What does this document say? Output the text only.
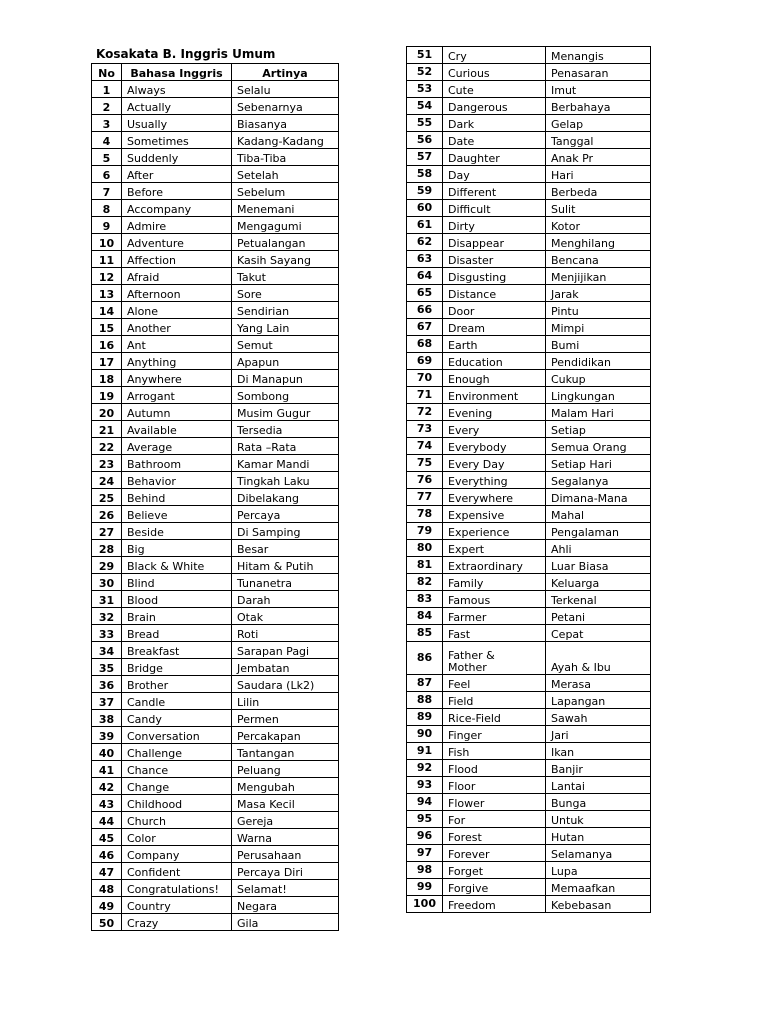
Kosakata B. Inggris Umum
No	Bahasa Inggris	Artinya
1	Always	Selalu
2	Actually	Sebenarnya
3	Usually	Biasanya
4	Sometimes	Kadang-Kadang
5	Suddenly	Tiba-Tiba
6	After	Setelah
7	Before	Sebelum
8	Accompany	Menemani
9	Admire	Mengagumi
10	Adventure	Petualangan
11	Affection	Kasih Sayang
12	Afraid	Takut
13	Afternoon	Sore
14	Alone	Sendirian
15	Another	Yang Lain
16	Ant	Semut
17	Anything	Apapun
18	Anywhere	Di Manapun
19	Arrogant	Sombong
20	Autumn	Musim Gugur
21	Available	Tersedia
22	Average	Rata –Rata
23	Bathroom	Kamar Mandi
24	Behavior	Tingkah Laku
25	Behind	Dibelakang
26	Believe	Percaya
27	Beside	Di Samping
28	Big	Besar
29	Black & White	Hitam & Putih
30	Blind	Tunanetra
31	Blood	Darah
32	Brain	Otak
33	Bread	Roti
34	Breakfast	Sarapan Pagi
35	Bridge	Jembatan
36	Brother	Saudara (Lk2)
37	Candle	Lilin
38	Candy	Permen
39	Conversation	Percakapan
40	Challenge	Tantangan
41	Chance	Peluang
42	Change	Mengubah
43	Childhood	Masa Kecil
44	Church	Gereja
45	Color	Warna
46	Company	Perusahaan
47	Confident	Percaya Diri
48	Congratulations!	Selamat!
49	Country	Negara
50	Crazy	Gila
51	Cry	Menangis
52	Curious	Penasaran
53	Cute	Imut
54	Dangerous	Berbahaya
55	Dark	Gelap
56	Date	Tanggal
57	Daughter	Anak Pr
58	Day	Hari
59	Different	Berbeda
60	Difficult	Sulit
61	Dirty	Kotor
62	Disappear	Menghilang
63	Disaster	Bencana
64	Disgusting	Menjijikan
65	Distance	Jarak
66	Door	Pintu
67	Dream	Mimpi
68	Earth	Bumi
69	Education	Pendidikan
70	Enough	Cukup
71	Environment	Lingkungan
72	Evening	Malam Hari
73	Every	Setiap
74	Everybody	Semua Orang
75	Every Day	Setiap Hari
76	Everything	Segalanya
77	Everywhere	Dimana-Mana
78	Expensive	Mahal
79	Experience	Pengalaman
80	Expert	Ahli
81	Extraordinary	Luar Biasa
82	Family	Keluarga
83	Famous	Terkenal
84	Farmer	Petani
85	Fast	Cepat
86	Father &
Mother	Ayah & Ibu
87	Feel	Merasa
88	Field	Lapangan
89	Rice-Field	Sawah
90	Finger	Jari
91	Fish	Ikan
92	Flood	Banjir
93	Floor	Lantai
94	Flower	Bunga
95	For	Untuk
96	Forest	Hutan
97	Forever	Selamanya
98	Forget	Lupa
99	Forgive	Memaafkan
100	Freedom	Kebebasan
